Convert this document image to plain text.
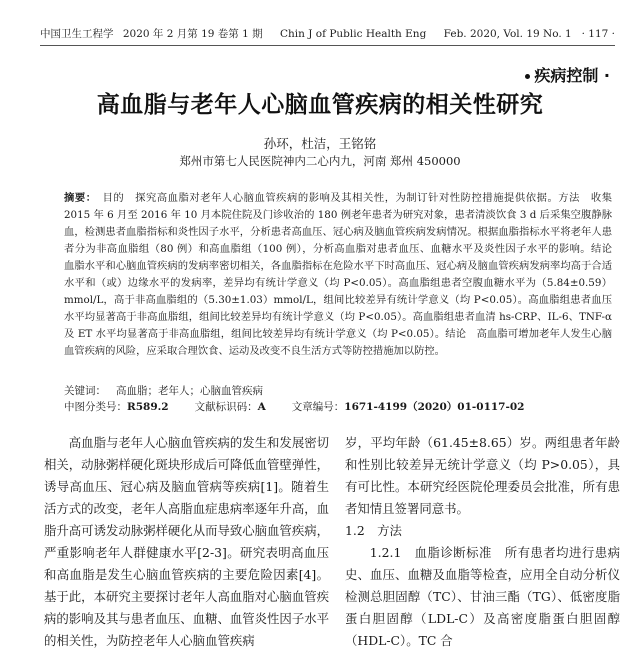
中国卫生工程学 2020 年 2 月第 19 卷第 1 期 Chin J of Public Health Eng Feb. 2020, Vol. 19 No. 1 · 117 ·
疾病控制 ·
高血脂与老年人心脑血管疾病的相关性研究
孙环，杜洁，王铭铭
郑州市第七人民医院神内二心内九，河南 郑州 450000
摘要： 目的　探究高血脂对老年人心脑血管疾病的影响及其相关性，为制订针对性防控措施提供依据。方法　收集 2015 年 6 月至 2016 年 10 月本院住院及门诊收治的 180 例老年患者为研究对象，患者清淡饮食 3 d 后采集空腹静脉血，检测患者血脂指标和炎性因子水平，分析患者高血压、冠心病及脑血管疾病发病情况。根据血脂指标水平将老年人患者分为非高血脂组（80 例）和高血脂组（100 例），分析高血脂对患者血压、血糖水平及炎性因子水平的影响。结论　血脂水平和心脑血管疾病的发病率密切相关，各血脂指标在危险水平下时高血压、冠心病及脑血管疾病发病率均高于合适水平和（或）边缘水平的发病率，差异均有统计学意义（均 P<0.05）。高血脂组患者空腹血糖水平为（5.84±0.59）mmol/L，高于非高血脂组的（5.30±1.03）mmol/L，组间比较差异有统计学意义（均 P<0.05）。高血脂组患者血压水平均显著高于非高血脂组，组间比较差异均有统计学意义（均 P<0.05）。高血脂组患者血清 hs-CRP、IL-6、TNF-α 及 ET 水平均显著高于非高血脂组，组间比较差异均有统计学意义（均 P<0.05）。结论　高血脂可增加老年人发生心脑血管疾病的风险，应采取合理饮食、运动及改变不良生活方式等防控措施加以防控。
关键词： 高血脂；老年人；心脑血管疾病
中图分类号：R589.2 文献标识码：A 文章编号：1671-4199（2020）01-0117-02

高血脂与老年人心脑血管疾病的发生和发展密切相关，动脉粥样硬化斑块形成后可降低血管壁弹性，诱导高血压、冠心病及脑血管病等疾病[1]。随着生活方式的改变，老年人高脂血症患病率逐年升高，血脂升高可诱发动脉粥样硬化从而导致心脑血管疾病，严重影响老年人群健康水平[2-3]。研究表明高血压和高血脂是发生心脑血管疾病的主要危险因素[4]。基于此，本研究主要探讨老年人高血脂对心脑血管疾病的影响及其与患者血压、血糖、血管炎性因子水平的相关性，为防控老年人心脑血管疾病

岁，平均年龄（61.45±8.65）岁。两组患者年龄和性别比较差异无统计学意义（均 P>0.05），具有可比性。本研究经医院伦理委员会批准，所有患者知情且签署同意书。

1.2　方法

1.2.1　血脂诊断标准　所有患者均进行患病史、血压、血糖及血脂等检查，应用全自动分析仪检测总胆固醇（TC）、甘油三酯（TG）、低密度脂蛋白胆固醇（LDL-C）及高密度脂蛋白胆固醇（HDL-C）。TC 合
